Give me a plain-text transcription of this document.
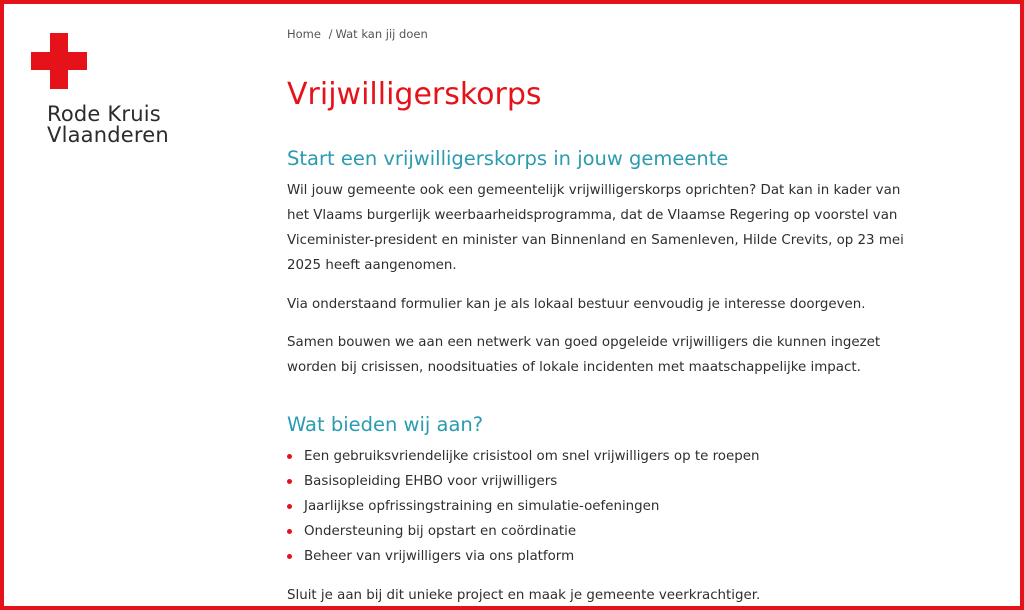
Rode Kruis
Vlaanderen
Home / Wat kan jij doen
Vrijwilligerskorps
Start een vrijwilligerskorps in jouw gemeente

Wil jouw gemeente ook een gemeentelijk vrijwilligerskorps oprichten? Dat kan in kader van
het Vlaams burgerlijk weerbaarheidsprogramma, dat de Vlaamse Regering op voorstel van
Viceminister-president en minister van Binnenland en Samenleven, Hilde Crevits, op 23 mei
2025 heeft aangenomen.

Via onderstaand formulier kan je als lokaal bestuur eenvoudig je interesse doorgeven.

Samen bouwen we aan een netwerk van goed opgeleide vrijwilligers die kunnen ingezet
worden bij crisissen, noodsituaties of lokale incidenten met maatschappelijke impact.

Wat bieden wij aan?
Een gebruiksvriendelijke crisistool om snel vrijwilligers op te roepen
Basisopleiding EHBO voor vrijwilligers
Jaarlijkse opfrissingstraining en simulatie-oefeningen
Ondersteuning bij opstart en coördinatie
Beheer van vrijwilligers via ons platform

Sluit je aan bij dit unieke project en maak je gemeente veerkrachtiger.
